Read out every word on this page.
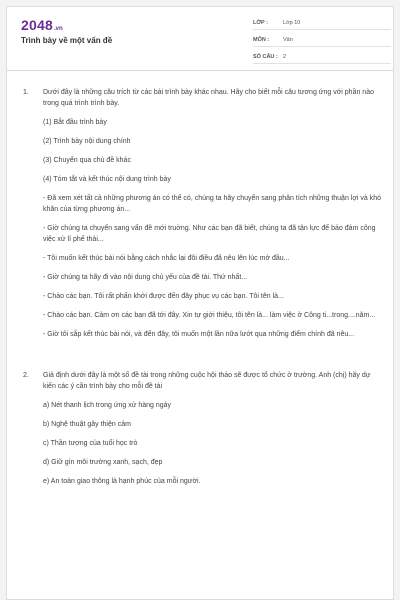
2048 .vn
Trình bày về một vấn đề
LỚP :	Lớp 10
MÔN :	Văn
SỐ CÂU : 2
1.	Dưới đây là những câu trích từ các bài trình bày khác nhau. Hãy cho biết mỗi câu tương ứng với phần nào trong quá trình trình bày.

(1) Bắt đầu trình bày

(2) Trình bày nội dung chính

(3) Chuyển qua chủ đề khác

(4) Tóm tắt và kết thúc nội dung trình bày

- Đã xem xét tất cả những phương án có thể có, chúng ta hãy chuyển sang phân tích những thuận lợi và khó khăn của từng phương án...

- Giờ chúng ta chuyển sang vấn đề mới truờng. Như các bạn đã biết, chúng ta đã tận lực để bảo đảm công việc xử lí phế thải...

- Tôi muốn kết thúc bài nói bằng cách nhắc lại đôi điều đã nêu lên lúc mở đầu...

- Giờ chúng ta hãy đi vào nội dung chủ yếu của đề tài. Thứ nhất...

- Chào các bạn. Tôi rất phấn khởi được đến đây phục vụ các bạn. Tôi tên là...

- Chào các bạn. Cảm ơn các bạn đã tới đây. Xin tự giới thiệu, tôi tên là... làm việc ở Công ti...trong....năm...

- Giờ tôi sắp kết thúc bài nói, và đến đây, tôi muốn một lần nữa lướt qua những điểm chính đã nêu...

2.	Giả định dưới đây là một số đề tài trong những cuộc hội thảo sẽ được tổ chức ở trường. Anh (chị) hãy dự kiến các ý cần trình bày cho mỗi đề tài

a) Nét thanh lịch trong ứng xử hàng ngày

b) Nghệ thuật gây thiện cảm

c) Thần tượng của tuổi học trò

d) Giữ gìn môi trường xanh, sạch, đẹp

e) An toàn giao thông là hạnh phúc của mỗi người.
